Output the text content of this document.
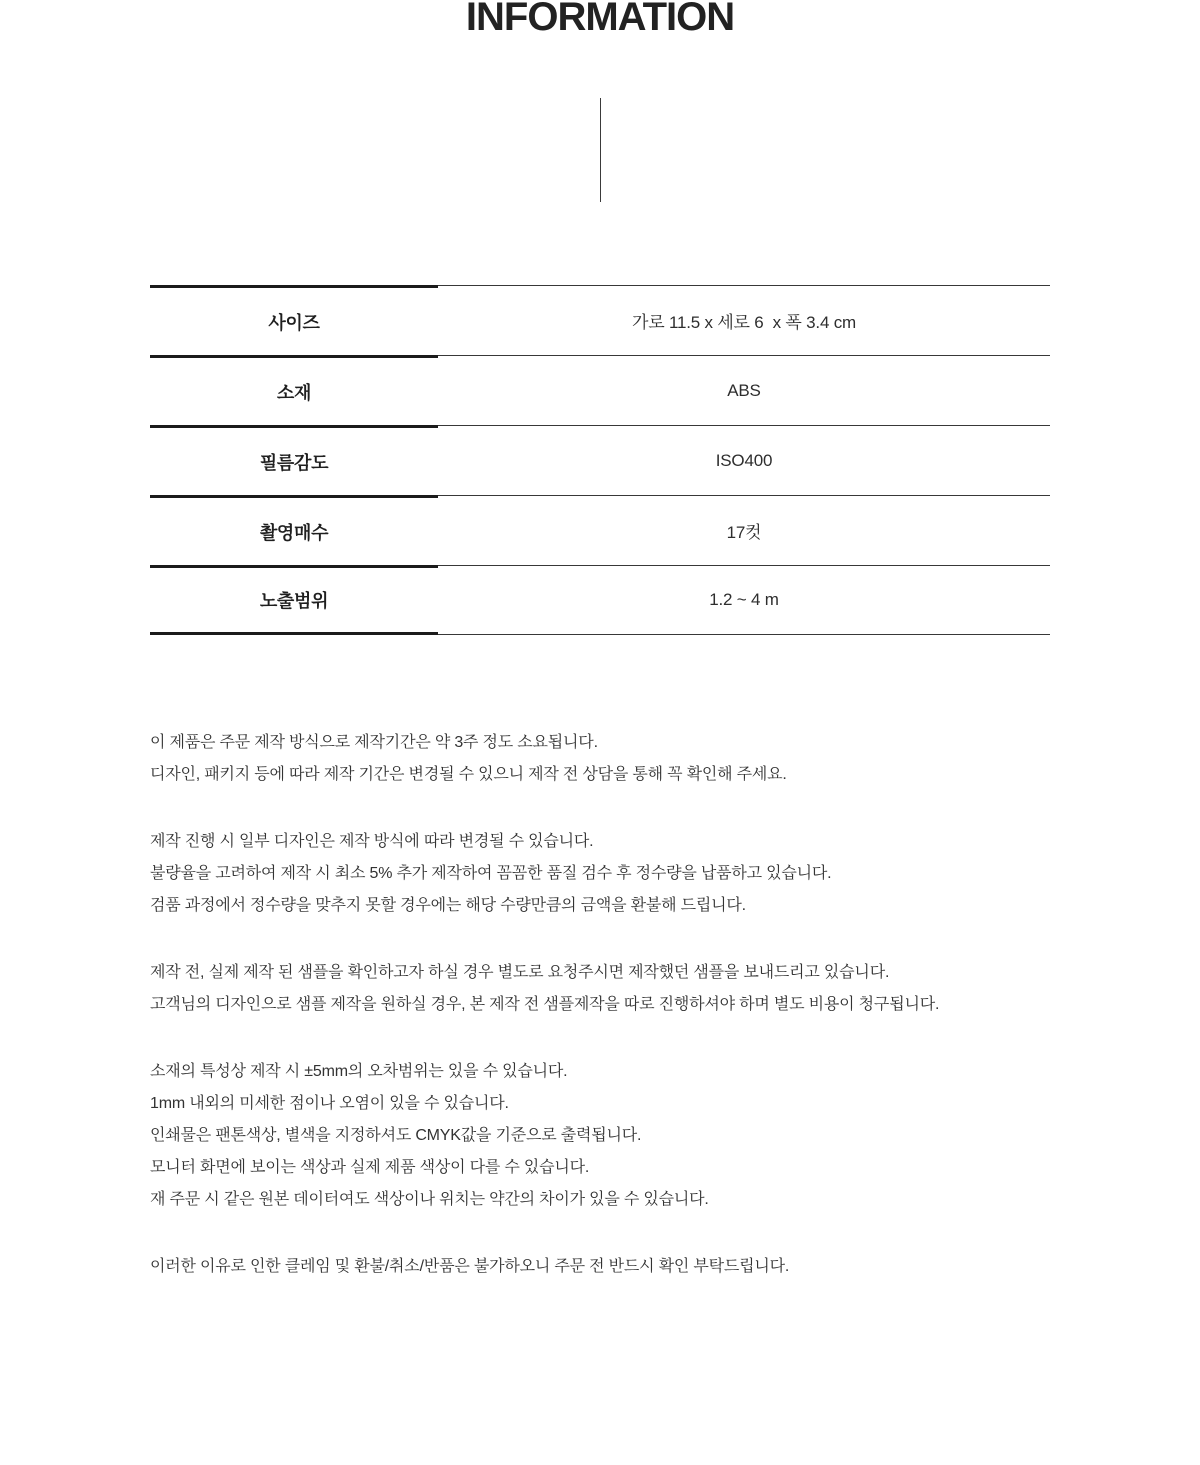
INFORMATION
사이즈	가로 11.5 x 세로 6  x 폭 3.4 cm
소재	ABS
필름감도	ISO400
촬영매수	17컷
노출범위	1.2 ~ 4 m

이 제품은 주문 제작 방식으로 제작기간은 약 3주 정도 소요됩니다.
디자인, 패키지 등에 따라 제작 기간은 변경될 수 있으니 제작 전 상담을 통해 꼭 확인해 주세요.

제작 진행 시 일부 디자인은 제작 방식에 따라 변경될 수 있습니다.
불량율을 고려하여 제작 시 최소 5% 추가 제작하여 꼼꼼한 품질 검수 후 정수량을 납품하고 있습니다.
검품 과정에서 정수량을 맞추지 못할 경우에는 해당 수량만큼의 금액을 환불해 드립니다.

제작 전, 실제 제작 된 샘플을 확인하고자 하실 경우 별도로 요청주시면 제작했던 샘플을 보내드리고 있습니다.
고객님의 디자인으로 샘플 제작을 원하실 경우, 본 제작 전 샘플제작을 따로 진행하셔야 하며 별도 비용이 청구됩니다.

소재의 특성상 제작 시 ±5mm의 오차범위는 있을 수 있습니다.
1mm 내외의 미세한 점이나 오염이 있을 수 있습니다.
인쇄물은 팬톤색상, 별색을 지정하셔도 CMYK값을 기준으로 출력됩니다.
모니터 화면에 보이는 색상과 실제 제품 색상이 다를 수 있습니다.
재 주문 시 같은 원본 데이터여도 색상이나 위치는 약간의 차이가 있을 수 있습니다.

이러한 이유로 인한 클레임 및 환불/취소/반품은 불가하오니 주문 전 반드시 확인 부탁드립니다.
